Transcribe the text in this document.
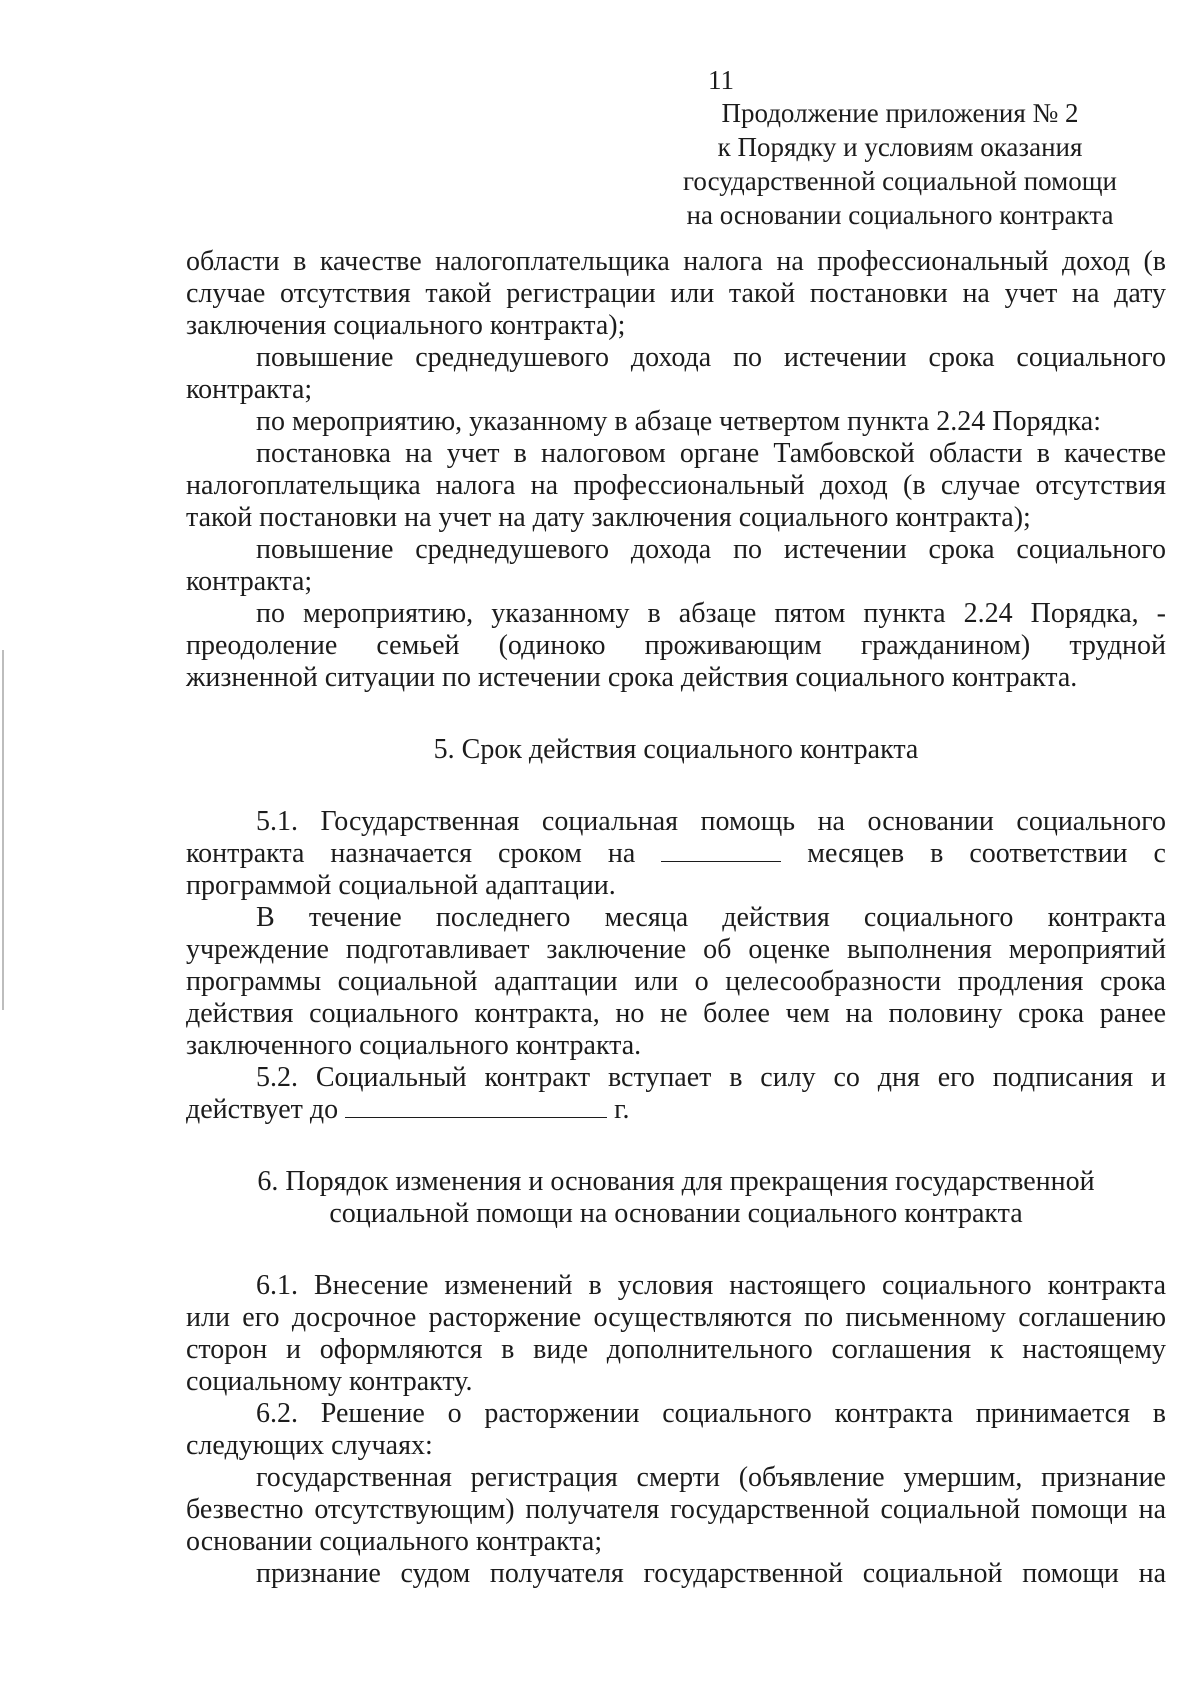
11
Продолжение приложения № 2
к Порядку и условиям оказания
государственной социальной помощи
на основании социального контракта
области в качестве налогоплательщика налога на профессиональный доход (в
случае отсутствия такой регистрации или такой постановки на учет на дату
заключения социального контракта);
повышение среднедушевого дохода по истечении срока социального
контракта;
по мероприятию, указанному в абзаце четвертом пункта 2.24 Порядка:
постановка на учет в налоговом органе Тамбовской области в качестве
налогоплательщика налога на профессиональный доход (в случае отсутствия
такой постановки на учет на дату заключения социального контракта);
повышение среднедушевого дохода по истечении срока социального
контракта;
по мероприятию, указанному в абзаце пятом пункта 2.24 Порядка, -
преодоление семьей (одиноко проживающим гражданином) трудной
жизненной ситуации по истечении срока действия социального контракта.
5. Срок действия социального контракта
5.1. Государственная социальная помощь на основании социального
контракта назначается сроком на	месяцев в соответствии с
программой социальной адаптации.
В течение последнего месяца действия социального контракта
учреждение подготавливает заключение об оценке выполнения мероприятий
программы социальной адаптации или о целесообразности продления срока
действия социального контракта, но не более чем на половину срока ранее
заключенного социального контракта.
5.2. Социальный контракт вступает в силу со дня его подписания и
действует до	г.
6. Порядок изменения и основания для прекращения государственной
социальной помощи на основании социального контракта
6.1. Внесение изменений в условия настоящего социального контракта
или его досрочное расторжение осуществляются по письменному соглашению
сторон и оформляются в виде дополнительного соглашения к настоящему
социальному контракту.
6.2. Решение о расторжении социального контракта принимается в
следующих случаях:
государственная регистрация смерти (объявление умершим, признание
безвестно отсутствующим) получателя государственной социальной помощи на
основании социального контракта;
признание судом получателя государственной социальной помощи на
